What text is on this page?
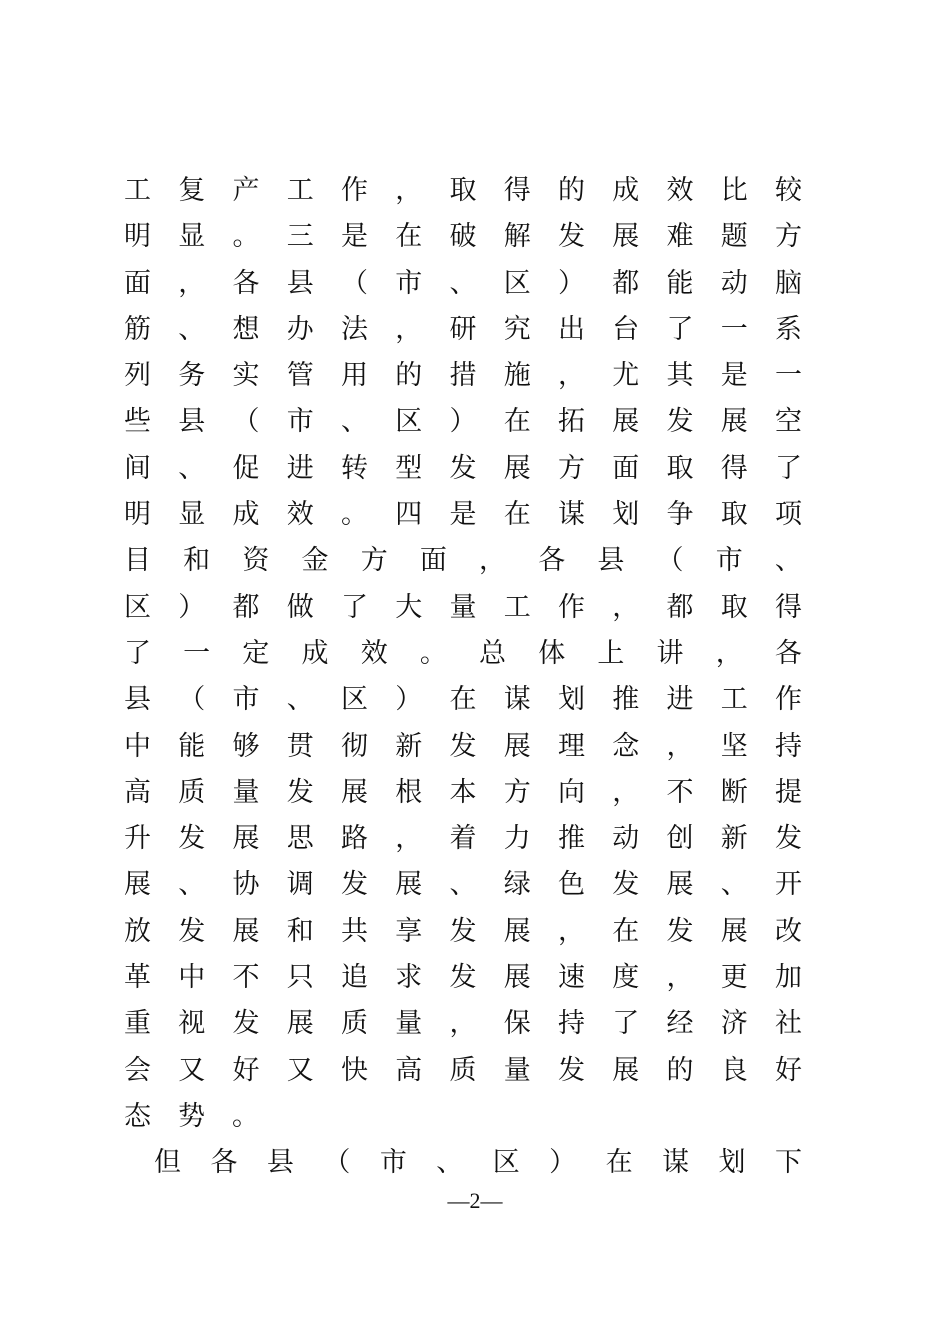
工 复 产 工 作 ， 取 得 的 成 效 比 较
明 显 。 三 是 在 破 解 发 展 难 题 方
面 ， 各 县 （ 市 、 区 ） 都 能 动 脑
筋 、 想 办 法 ， 研 究 出 台 了 一 系
列 务 实 管 用 的 措 施 ， 尤 其 是 一
些 县 （ 市 、 区 ） 在 拓 展 发 展 空
间 、 促 进 转 型 发 展 方 面 取 得 了
明 显 成 效 。 四 是 在 谋 划 争 取 项
目 和 资 金 方 面 ， 各 县 （ 市 、
区 ） 都 做 了 大 量 工 作 ， 都 取 得
了 一 定 成 效 。 总 体 上 讲 ， 各
县 （ 市 、 区 ） 在 谋 划 推 进 工 作
中 能 够 贯 彻 新 发 展 理 念 ， 坚 持
高 质 量 发 展 根 本 方 向 ， 不 断 提
升 发 展 思 路 ， 着 力 推 动 创 新 发
展 、 协 调 发 展 、 绿 色 发 展 、 开
放 发 展 和 共 享 发 展 ， 在 发 展 改
革 中 不 只 追 求 发 展 速 度 ， 更 加
重 视 发 展 质 量 ， 保 持 了 经 济 社
会 又 好 又 快 高 质 量 发 展 的 良 好
态 势 。
但 各 县 （ 市 、 区 ） 在 谋 划 下
—2—
